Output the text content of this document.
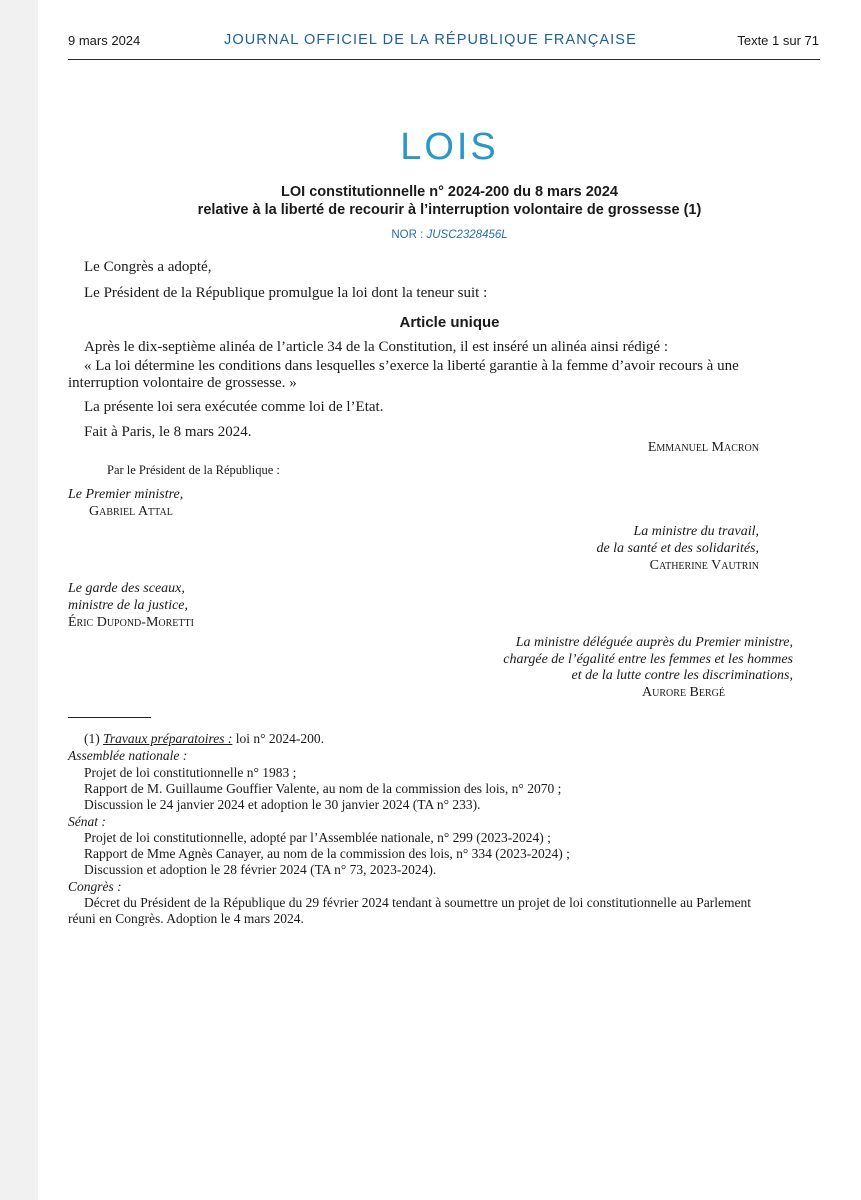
9 mars 2024	JOURNAL OFFICIEL DE LA RÉPUBLIQUE FRANÇAISE	Texte 1 sur 71
LOIS
LOI constitutionnelle n° 2024-200 du 8 mars 2024
relative à la liberté de recourir à l’interruption volontaire de grossesse (1)
NOR : JUSC2328456L
Le Congrès a adopté,
Le Président de la République promulgue la loi dont la teneur suit :
Article unique
Après le dix-septième alinéa de l’article 34 de la Constitution, il est inséré un alinéa ainsi rédigé :
« La loi détermine les conditions dans lesquelles s’exerce la liberté garantie à la femme d’avoir recours à une
interruption volontaire de grossesse. »
La présente loi sera exécutée comme loi de l’Etat.
Fait à Paris, le 8 mars 2024.
Emmanuel Macron
Par le Président de la République :
Le Premier ministre,
Gabriel Attal
La ministre du travail,
de la santé et des solidarités,
Catherine Vautrin
Le garde des sceaux,
ministre de la justice,
Éric Dupond-Moretti
La ministre déléguée auprès du Premier ministre,
chargée de l’égalité entre les femmes et les hommes
et de la lutte contre les discriminations,
Aurore Bergé
(1) Travaux préparatoires : loi n° 2024-200.
Assemblée nationale :
Projet de loi constitutionnelle n° 1983 ;
Rapport de M. Guillaume Gouffier Valente, au nom de la commission des lois, n° 2070 ;
Discussion le 24 janvier 2024 et adoption le 30 janvier 2024 (TA n° 233).
Sénat :
Projet de loi constitutionnelle, adopté par l’Assemblée nationale, n° 299 (2023-2024) ;
Rapport de Mme Agnès Canayer, au nom de la commission des lois, n° 334 (2023-2024) ;
Discussion et adoption le 28 février 2024 (TA n° 73, 2023-2024).
Congrès :
Décret du Président de la République du 29 février 2024 tendant à soumettre un projet de loi constitutionnelle au Parlement
réuni en Congrès. Adoption le 4 mars 2024.
